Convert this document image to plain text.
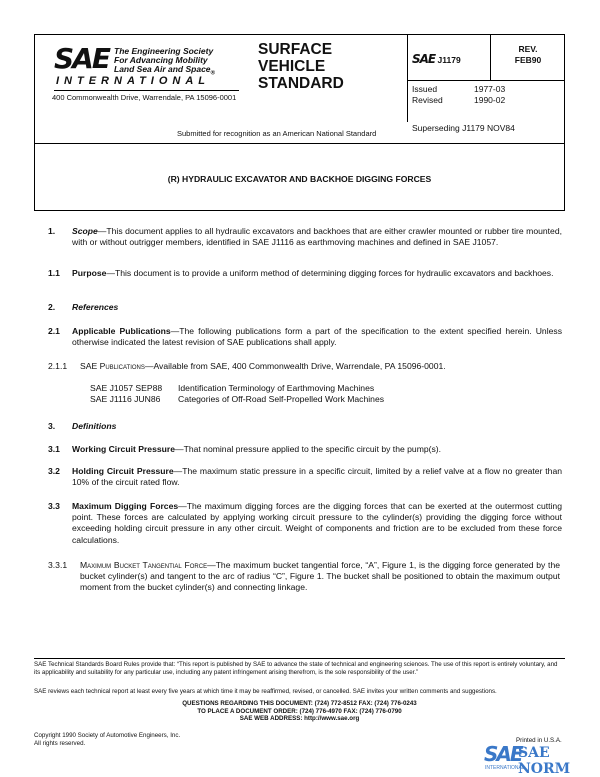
SAE The Engineering Society
For Advancing Mobility
Land Sea Air and Space$_®$
INTERNATIONAL
400 Commonwealth Drive, Warrendale, PA 15096-0001
SURFACE
VEHICLE
STANDARD
SAE J1179
REV.
FEB90
Issued	1977-03
Revised	1990-02
Superseding J1179 NOV84
Submitted for recognition as an American National Standard
(R) HYDRAULIC EXCAVATOR AND BACKHOE DIGGING FORCES
1. Scope—This document applies to all hydraulic excavators and backhoes that are either crawler mounted or rubber tire mounted, with or without outrigger members, identified in SAE J1116 as earthmoving machines and defined in SAE J1057.
1.1 Purpose—This document is to provide a uniform method of determining digging forces for hydraulic excavators and backhoes.
2. References
2.1 Applicable Publications—The following publications form a part of the specification to the extent specified herein. Unless otherwise indicated the latest revision of SAE publications shall apply.
2.1.1 SAE Publications—Available from SAE, 400 Commonwealth Drive, Warrendale, PA 15096-0001.
SAE J1057 SEP88 Identification Terminology of Earthmoving Machines
SAE J1116 JUN86 Categories of Off-Road Self-Propelled Work Machines
3. Definitions
3.1 Working Circuit Pressure—That nominal pressure applied to the specific circuit by the pump(s).
3.2 Holding Circuit Pressure—The maximum static pressure in a specific circuit, limited by a relief valve at a flow no greater than 10% of the circuit rated flow.
3.3 Maximum Digging Forces—The maximum digging forces are the digging forces that can be exerted at the outermost cutting point. These forces are calculated by applying working circuit pressure to the cylinder(s) providing the digging force without exceeding holding circuit pressure in any other circuit. Weight of components and friction are to be excluded from these force calculations.
3.3.1 Maximum Bucket Tangential Force—The maximum bucket tangential force, “A”, Figure 1, is the digging force generated by the bucket cylinder(s) and tangent to the arc of radius “C”, Figure 1. The bucket shall be positioned to obtain the maximum output moment from the bucket cylinder(s) and connecting linkage.
SAE Technical Standards Board Rules provide that: “This report is published by SAE to advance the state of technical and engineering sciences. The use of this report is entirely voluntary, and its applicability and suitability for any particular use, including any patent infringement arising therefrom, is the sole responsibility of the user.”
SAE reviews each technical report at least every five years at which time it may be reaffirmed, revised, or cancelled. SAE invites your written comments and suggestions.
QUESTIONS REGARDING THIS DOCUMENT: (724) 772-8512 FAX: (724) 776-0243
TO PLACE A DOCUMENT ORDER: (724) 776-4970 FAX: (724) 776-0790
SAE WEB ADDRESS: http://www.sae.org
Copyright 1990 Society of Automotive Engineers, Inc.
All rights reserved.	Printed in U.S.A.
SAE
SAE NORM
INTERNATIONAL
